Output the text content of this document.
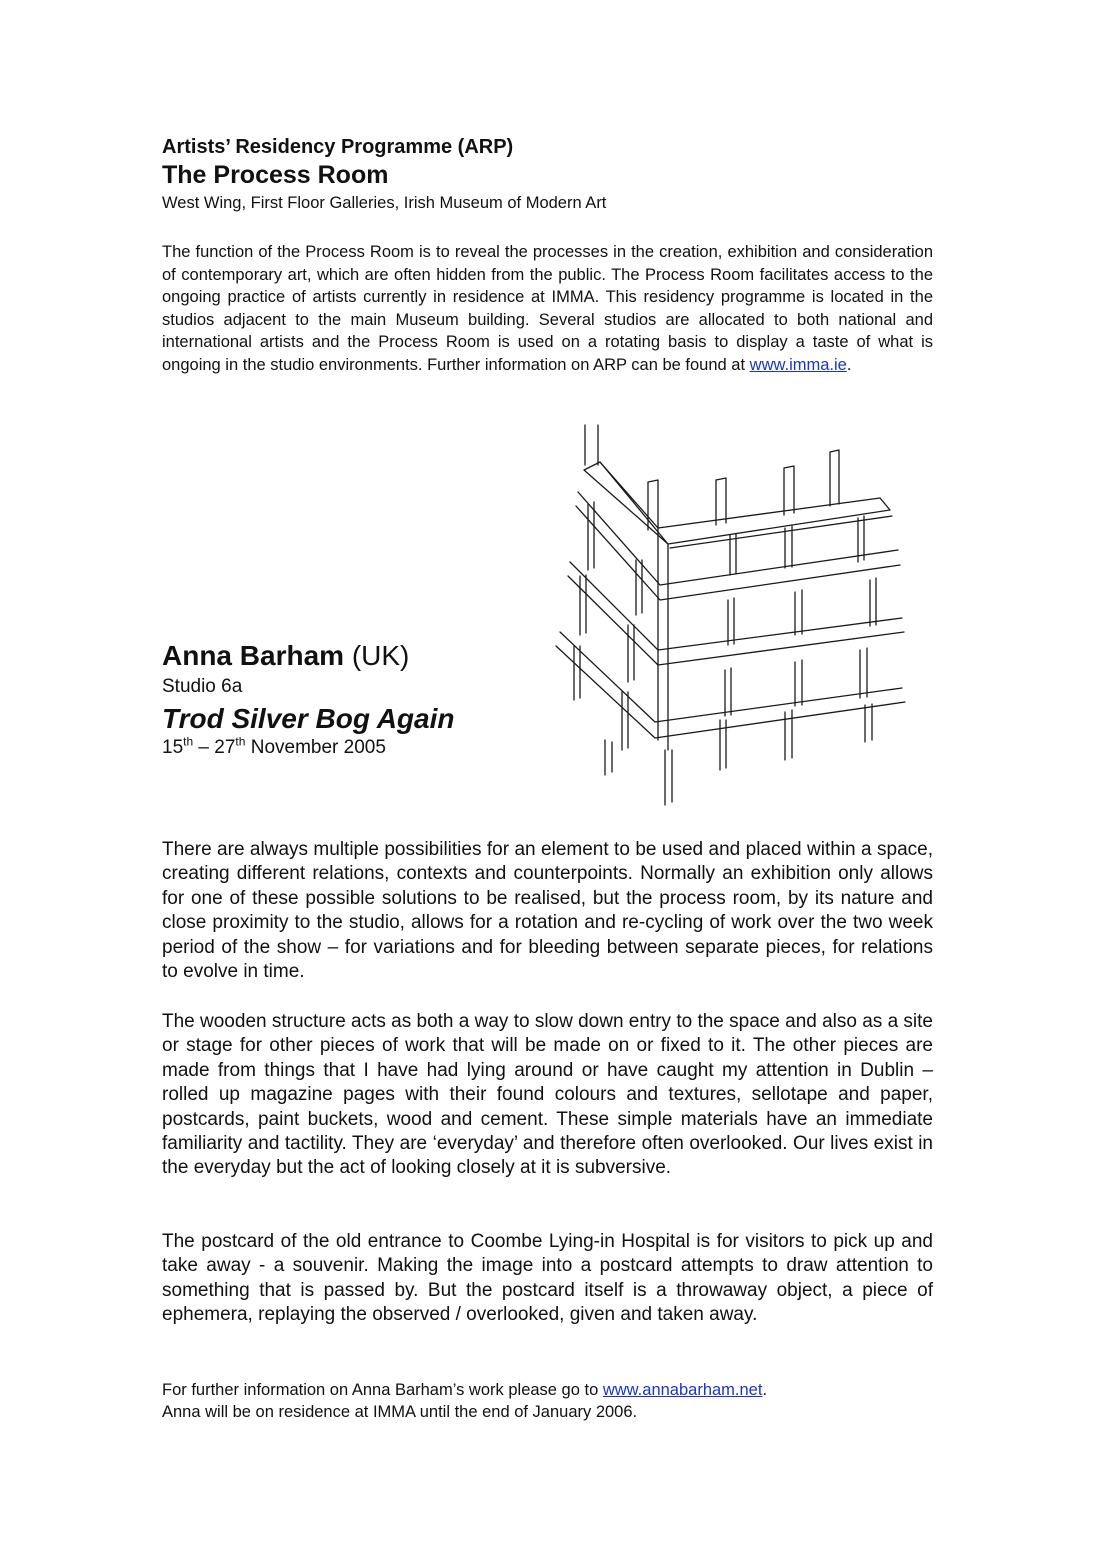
Artists’ Residency Programme (ARP)
The Process Room
West Wing, First Floor Galleries, Irish Museum of Modern Art
The function of the Process Room is to reveal the processes in the creation, exhibition and consideration of contemporary art, which are often hidden from the public. The Process Room facilitates access to the ongoing practice of artists currently in residence at IMMA. This residency programme is located in the studios adjacent to the main Museum building. Several studios are allocated to both national and international artists and the Process Room is used on a rotating basis to display a taste of what is ongoing in the studio environments. Further information on ARP can be found at www.imma.ie.
Anna Barham (UK)
Studio 6a
Trod Silver Bog Again
15th – 27th November 2005
There are always multiple possibilities for an element to be used and placed within a space, creating different relations, contexts and counterpoints. Normally an exhibition only allows for one of these possible solutions to be realised, but the process room, by its nature and close proximity to the studio, allows for a rotation and re-cycling of work over the two week period of the show – for variations and for bleeding between separate pieces, for relations to evolve in time.
The wooden structure acts as both a way to slow down entry to the space and also as a site or stage for other pieces of work that will be made on or fixed to it. The other pieces are made from things that I have had lying around or have caught my attention in Dublin – rolled up magazine pages with their found colours and textures, sellotape and paper, postcards, paint buckets, wood and cement. These simple materials have an immediate familiarity and tactility. They are ‘everyday’ and therefore often overlooked. Our lives exist in the everyday but the act of looking closely at it is subversive.
The postcard of the old entrance to Coombe Lying-in Hospital is for visitors to pick up and take away - a souvenir. Making the image into a postcard attempts to draw attention to something that is passed by. But the postcard itself is a throwaway object, a piece of ephemera, replaying the observed / overlooked, given and taken away.
For further information on Anna Barham’s work please go to www.annabarham.net.
Anna will be on residence at IMMA until the end of January 2006.
